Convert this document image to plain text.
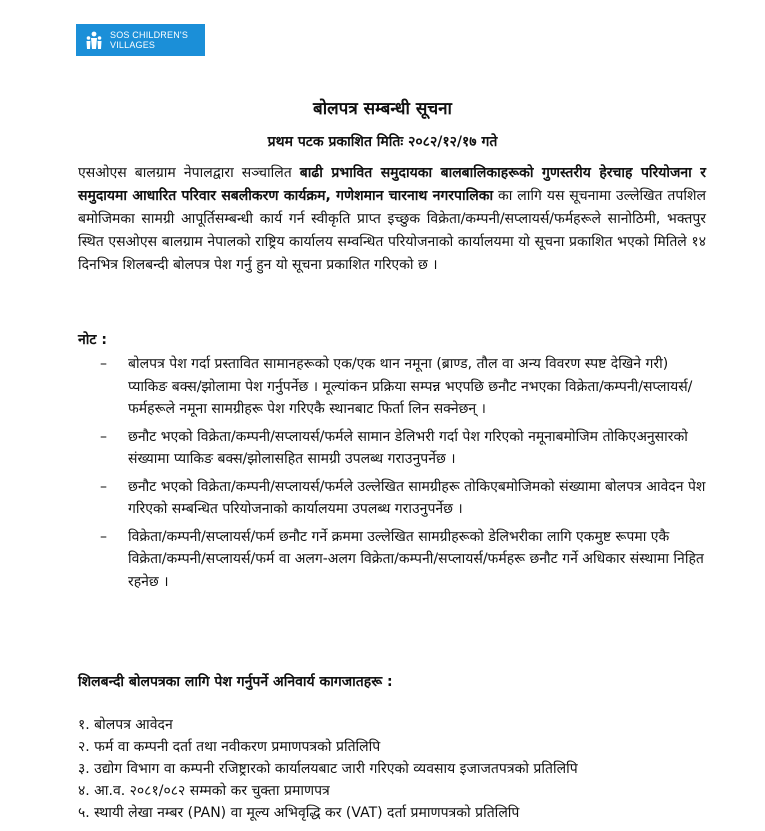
SOS CHILDREN'S
VILLAGES
बोलपत्र सम्बन्धी सूचना
प्रथम पटक प्रकाशित मितिः २०८२/१२/१७ गते
एसओएस बालग्राम नेपालद्वारा सञ्चालित बाढी प्रभावित समुदायका बालबालिकाहरूको गुणस्तरीय हेरचाह परियोजना र समुदायमा आधारित परिवार सबलीकरण कार्यक्रम, गणेशमान चारनाथ नगरपालिका का लागि यस सूचनामा उल्लेखित तपशिल बमोजिमका सामग्री आपूर्तिसम्बन्धी कार्य गर्न स्वीकृति प्राप्त इच्छुक विक्रेता/कम्पनी/सप्लायर्स/फर्महरूले सानोठिमी, भक्तपुर स्थित एसओएस बालग्राम नेपालको राष्ट्रिय कार्यालय सम्वन्धित परियोजनाको कार्यालयमा यो सूचना प्रकाशित भएको मितिले १४ दिनभित्र शिलबन्दी बोलपत्र पेश गर्नु हुन यो सूचना प्रकाशित गरिएको छ ।
नोट :
– बोलपत्र पेश गर्दा प्रस्तावित सामानहरूको एक/एक थान नमूना (ब्राण्ड, तौल वा अन्य विवरण स्पष्ट देखिने गरी) प्याकिङ बक्स/झोलामा पेश गर्नुपर्नेछ । मूल्यांकन प्रक्रिया सम्पन्न भएपछि छनौट नभएका विक्रेता/कम्पनी/सप्लायर्स/फर्महरूले नमूना सामग्रीहरू पेश गरिएकै स्थानबाट फिर्ता लिन सक्नेछन् ।
– छनौट भएको विक्रेता/कम्पनी/सप्लायर्स/फर्मले सामान डेलिभरी गर्दा पेश गरिएको नमूनाबमोजिम तोकिएअनुसारको संख्यामा प्याकिङ बक्स/झोलासहित सामग्री उपलब्ध गराउनुपर्नेछ ।
– छनौट भएको विक्रेता/कम्पनी/सप्लायर्स/फर्मले उल्लेखित सामग्रीहरू तोकिएबमोजिमको संख्यामा बोलपत्र आवेदन पेश गरिएको सम्बन्धित परियोजनाको कार्यालयमा उपलब्ध गराउनुपर्नेछ ।
– विक्रेता/कम्पनी/सप्लायर्स/फर्म छनौट गर्ने क्रममा उल्लेखित सामग्रीहरूको डेलिभरीका लागि एकमुष्ट रूपमा एकै विक्रेता/कम्पनी/सप्लायर्स/फर्म वा अलग-अलग विक्रेता/कम्पनी/सप्लायर्स/फर्महरू छनौट गर्ने अधिकार संस्थामा निहित रहनेछ ।
शिलबन्दी बोलपत्रका लागि पेश गर्नुपर्ने अनिवार्य कागजातहरू :
१. बोलपत्र आवेदन
२. फर्म वा कम्पनी दर्ता तथा नवीकरण प्रमाणपत्रको प्रतिलिपि
३. उद्योग विभाग वा कम्पनी रजिष्ट्रारको कार्यालयबाट जारी गरिएको व्यवसाय इजाजतपत्रको प्रतिलिपि
४. आ.व. २०८१/०८२ सम्मको कर चुक्ता प्रमाणपत्र
५. स्थायी लेखा नम्बर (PAN) वा मूल्य अभिवृद्धि कर (VAT) दर्ता प्रमाणपत्रको प्रतिलिपि
